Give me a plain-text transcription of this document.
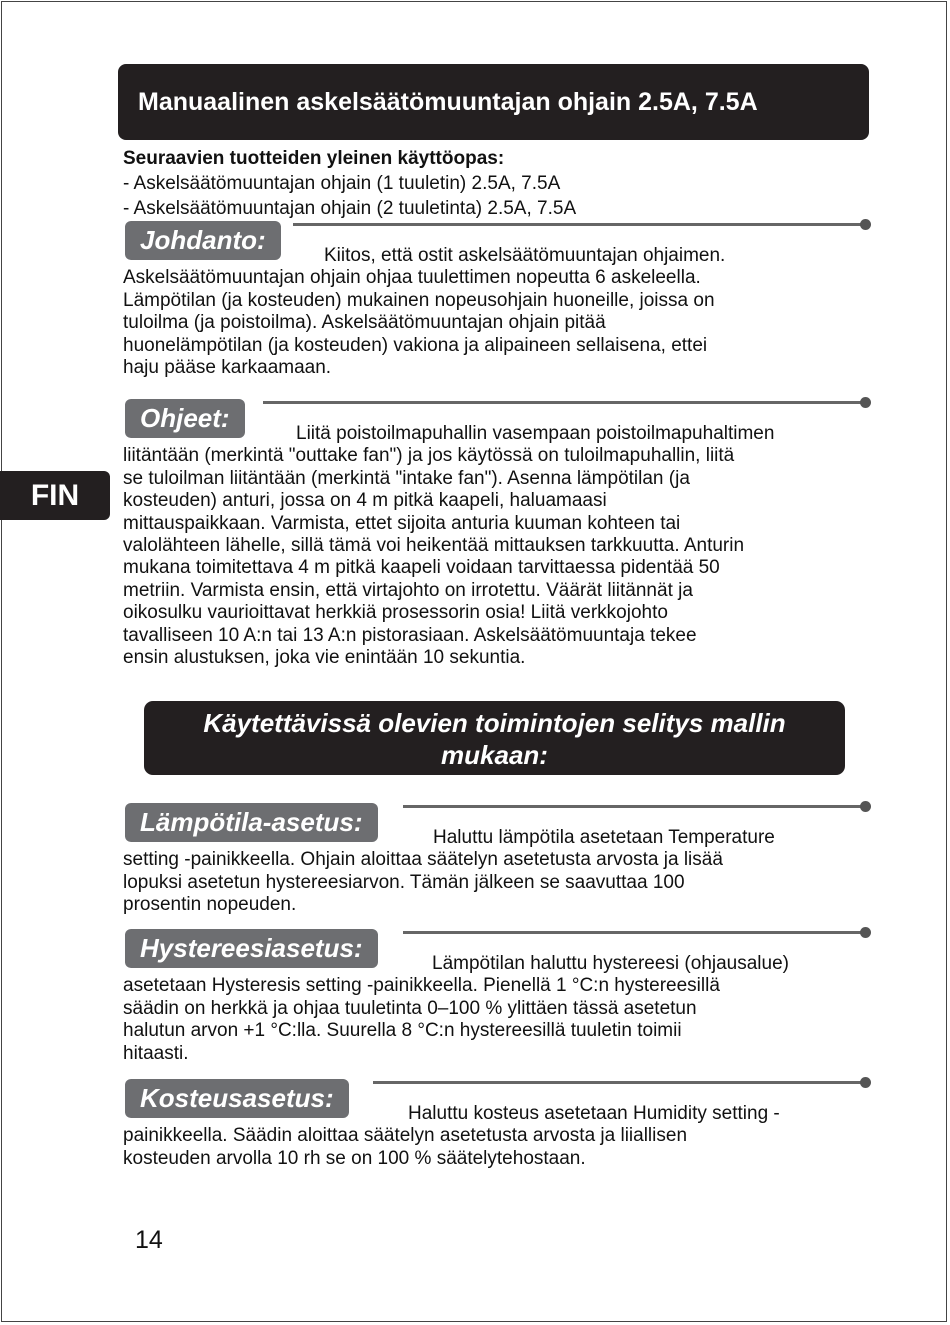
Manuaalinen askelsäätömuuntajan ohjain 2.5A, 7.5A
Seuraavien tuotteiden yleinen käyttöopas:
- Askelsäätömuuntajan ohjain (1 tuuletin) 2.5A, 7.5A
- Askelsäätömuuntajan ohjain (2 tuuletinta) 2.5A, 7.5A
Johdanto:
Kiitos, että ostit askelsäätömuuntajan ohjaimen.
Askelsäätömuuntajan ohjain ohjaa tuulettimen nopeutta 6 askeleella.
Lämpötilan (ja kosteuden) mukainen nopeusohjain huoneille, joissa on
tuloilma (ja poistoilma). Askelsäätömuuntajan ohjain pitää
huonelämpötilan (ja kosteuden) vakiona ja alipaineen sellaisena, ettei
haju pääse karkaamaan.
Ohjeet:
Liitä poistoilmapuhallin vasempaan poistoilmapuhaltimen
liitäntään (merkintä "outtake fan") ja jos käytössä on tuloilmapuhallin, liitä
se tuloilman liitäntään (merkintä "intake fan"). Asenna lämpötilan (ja
kosteuden) anturi, jossa on 4 m pitkä kaapeli, haluamaasi
mittauspaikkaan. Varmista, ettet sijoita anturia kuuman kohteen tai
valolähteen lähelle, sillä tämä voi heikentää mittauksen tarkkuutta. Anturin
mukana toimitettava 4 m pitkä kaapeli voidaan tarvittaessa pidentää 50
metriin. Varmista ensin, että virtajohto on irrotettu. Väärät liitännät ja
oikosulku vaurioittavat herkkiä prosessorin osia! Liitä verkkojohto
tavalliseen 10 A:n tai 13 A:n pistorasiaan. Askelsäätömuuntaja tekee
ensin alustuksen, joka vie enintään 10 sekuntia.
FIN
Käytettävissä olevien toimintojen selitys mallin
mukaan:
Lämpötila-asetus:
Haluttu lämpötila asetetaan Temperature
setting -painikkeella. Ohjain aloittaa säätelyn asetetusta arvosta ja lisää
lopuksi asetetun hystereesiarvon. Tämän jälkeen se saavuttaa 100
prosentin nopeuden.
Hystereesiasetus:
Lämpötilan haluttu hystereesi (ohjausalue)
asetetaan Hysteresis setting -painikkeella. Pienellä 1 °C:n hystereesillä
säädin on herkkä ja ohjaa tuuletinta 0–100 % ylittäen tässä asetetun
halutun arvon +1 °C:lla. Suurella 8 °C:n hystereesillä tuuletin toimii
hitaasti.
Kosteusasetus:
Haluttu kosteus asetetaan Humidity setting -
painikkeella. Säädin aloittaa säätelyn asetetusta arvosta ja liiallisen
kosteuden arvolla 10 rh se on 100 % säätelytehostaan.
14
